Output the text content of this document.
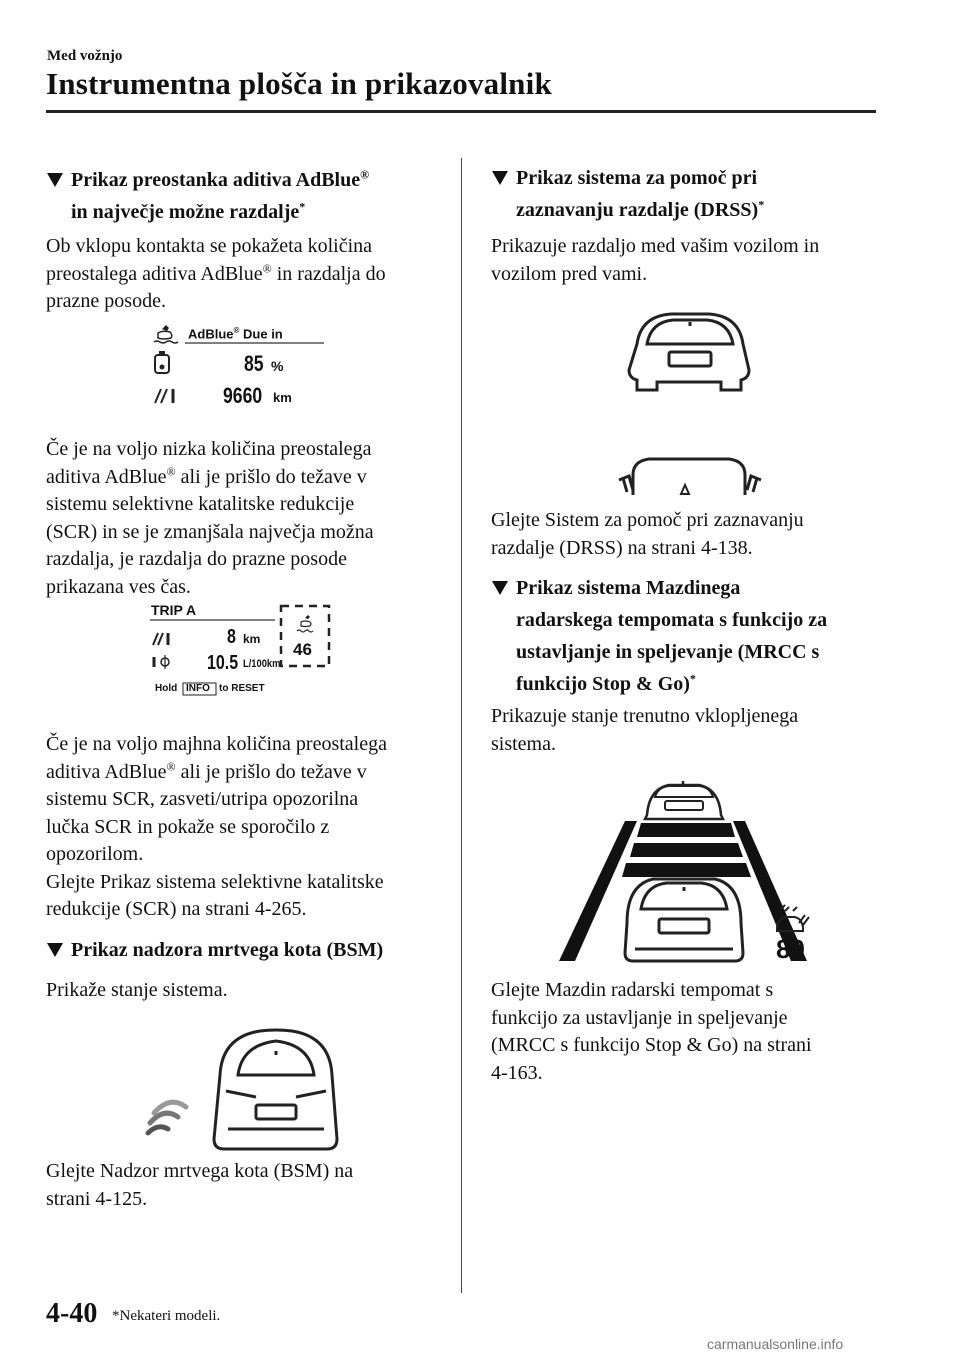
Med vožnjo
Instrumentna plošča in prikazovalnik
Prikaz preostanka aditiva AdBlue®
in največje možne razdalje*
Ob vklopu kontakta se pokažeta količina
preostalega aditiva AdBlue® in razdalja do
prazne posode.
AdBlue® Due in
85 %
9660 km
Če je na voljo nizka količina preostalega
aditiva AdBlue® ali je prišlo do težave v
sistemu selektivne katalitske redukcije
(SCR) in se je zmanjšala največja možna
razdalja, je razdalja do prazne posode
prikazana ves čas.
TRIP A
8 km
10.5 L/100km
46
Hold INFO to RESET
Če je na voljo majhna količina preostalega
aditiva AdBlue® ali je prišlo do težave v
sistemu SCR, zasveti/utripa opozorilna
lučka SCR in pokaže se sporočilo z
opozorilom.
Glejte Prikaz sistema selektivne katalitske
redukcije (SCR) na strani 4-265.
Prikaz nadzora mrtvega kota (BSM)
Prikaže stanje sistema.
Glejte Nadzor mrtvega kota (BSM) na
strani 4-125.
Prikaz sistema za pomoč pri
zaznavanju razdalje (DRSS)*
Prikazuje razdaljo med vašim vozilom in
vozilom pred vami.
Glejte Sistem za pomoč pri zaznavanju
razdalje (DRSS) na strani 4-138.
Prikaz sistema Mazdinega
radarskega tempomata s funkcijo za
ustavljanje in speljevanje (MRCC s
funkcijo Stop & Go)*
Prikazuje stanje trenutno vklopljenega
sistema.
80
Glejte Mazdin radarski tempomat s
funkcijo za ustavljanje in speljevanje
(MRCC s funkcijo Stop & Go) na strani
4-163.
4-40 *Nekateri modeli.
carmanualsonline.info
